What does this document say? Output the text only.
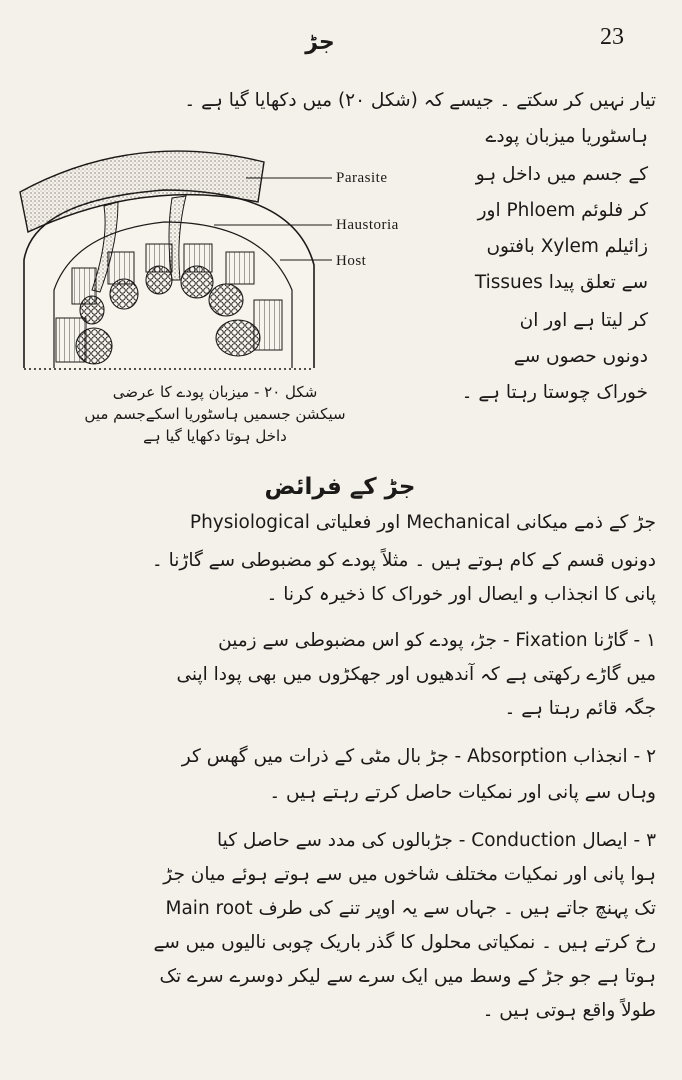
جڑ	23
تیار نہیں کر سکتے ۔ جیسے کہ (شکل ۲۰) میں دکھایا گیا ہے ۔
ہاسٹوریا میزبان پودے
کے جسم میں داخل ہو
کر فلوئم Phloem اور
زائیلم Xylem بافتوں
Tissues سے تعلق پیدا
کر لیتا ہے اور ان
دونوں حصوں سے
خوراک چوستا رہتا ہے ۔
Parasite
Haustoria
Host
شکل ۲۰ - میزبان پودے کا عرضی
سیکشن جسمیں ہاسٹوریا اسکےجسم میں
داخل ہوتا دکھایا گیا ہے
جڑ کے فرائض
جڑ کے ذمے میکانی Mechanical اور فعلیاتی Physiological
دونوں قسم کے کام ہوتے ہیں ۔ مثلاً پودے کو مضبوطی سے گاڑنا ۔
پانی کا انجذاب و ایصال اور خوراک کا ذخیرہ کرنا ۔
۱ - گاڑنا Fixation - جڑ، پودے کو اس مضبوطی سے زمین
میں گاڑے رکھتی ہے کہ آندھیوں اور جھکڑوں میں بھی پودا اپنی
جگہ قائم رہتا ہے ۔
۲ - انجذاب Absorption - جڑ بال مٹی کے ذرات میں گھس کر
وہاں سے پانی اور نمکیات حاصل کرتے رہتے ہیں ۔
۳ - ایصال Conduction - جڑبالوں کی مدد سے حاصل کیا
ہوا پانی اور نمکیات مختلف شاخوں میں سے ہوتے ہوئے میان جڑ
Main root تک پہنچ جاتے ہیں ۔ جہاں سے یہ اوپر تنے کی طرف
رخ کرتے ہیں ۔ نمکیاتی محلول کا گذر باریک چوبی نالیوں میں سے
ہوتا ہے جو جڑ کے وسط میں ایک سرے سے لیکر دوسرے سرے تک
طولاً واقع ہوتی ہیں ۔
